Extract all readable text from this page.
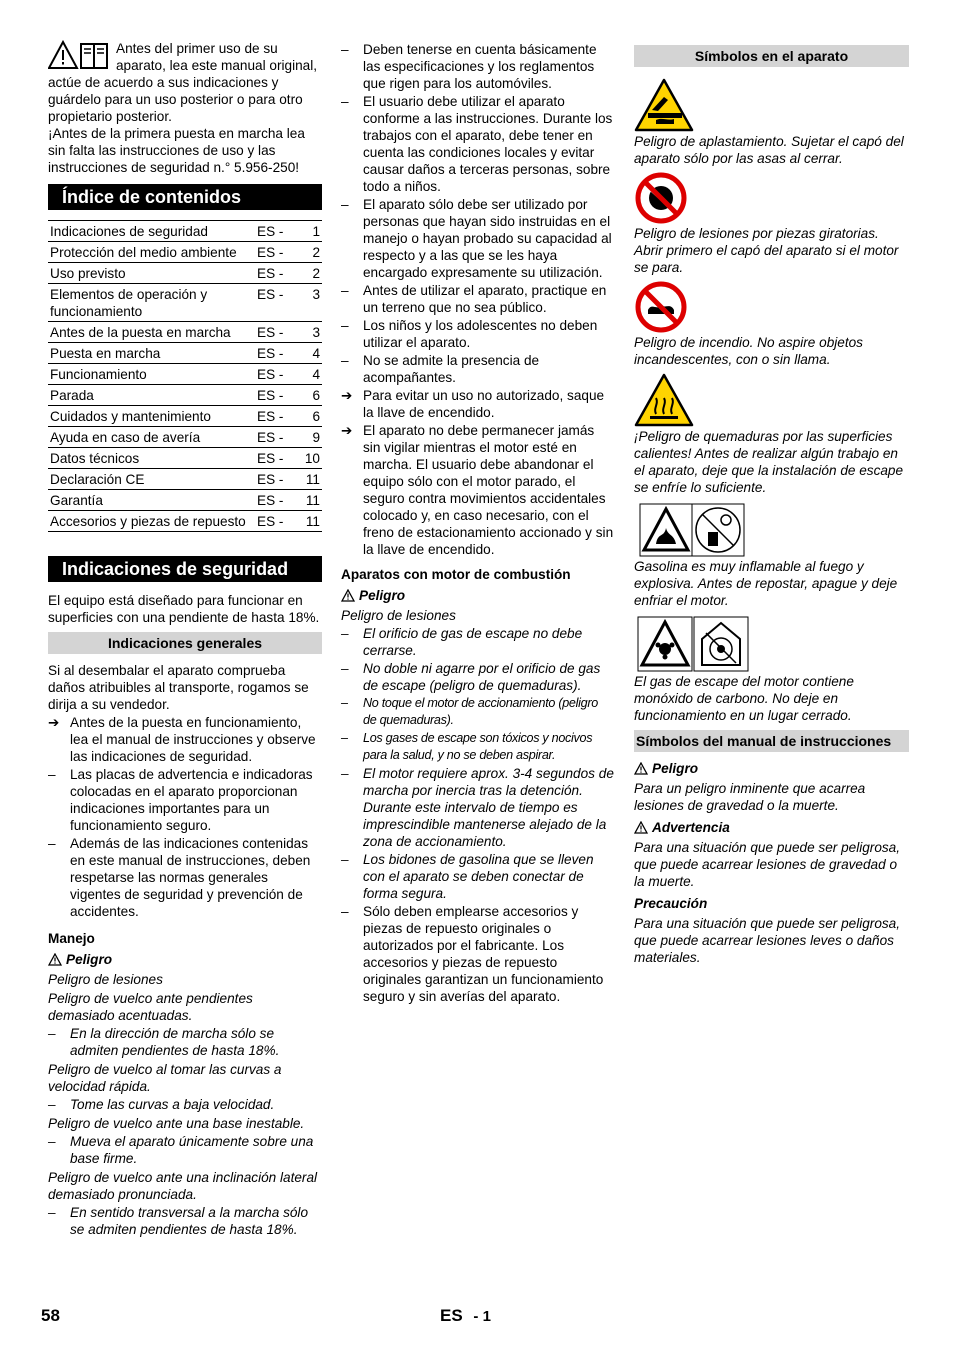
Antes del primer uso de su aparato, lea este manual original, actúe de acuerdo a sus indicaciones y guárdelo para un uso posterior o para otro propietario posterior.

¡Antes de la primera puesta en marcha lea sin falta las instrucciones de uso y las instrucciones de seguridad n.° 5.956-250!

Índice de contenidos
Indicaciones de seguridad	ES -	1
Protección del medio ambiente	ES -	2
Uso previsto	ES -	2
Elementos de operación y funcionamiento	ES -	3
Antes de la puesta en marcha	ES -	3
Puesta en marcha	ES -	4
Funcionamiento	ES -	4
Parada	ES -	6
Cuidados y mantenimiento	ES -	6
Ayuda en caso de avería	ES -	9
Datos técnicos	ES -	10
Declaración CE	ES -	11
Garantía	ES -	11
Accesorios y piezas de repuesto	ES -	11
Indicaciones de seguridad

El equipo está diseñado para funcionar en superficies con una pendiente de hasta 18%.

Indicaciones generales

Si al desembalar el aparato comprueba daños atribuibles al transporte, rogamos se dirija a su vendedor.

➔ Antes de la puesta en funcionamiento, lea el manual de instrucciones y observe las indicaciones de seguridad.
–	Las placas de advertencia e indicadoras colocadas en el aparato proporcionan indicaciones importantes para un funcionamiento seguro.
–	Además de las indicaciones contenidas en este manual de instrucciones, deben respetarse las normas generales vigentes de seguridad y prevención de accidentes.

Manejo

Peligro

Peligro de lesiones

Peligro de vuelco ante pendientes demasiado acentuadas.

–	En la dirección de marcha sólo se admiten pendientes de hasta 18%.

Peligro de vuelco al tomar las curvas a velocidad rápida.

–	Tome las curvas a baja velocidad.

Peligro de vuelco ante una base inestable.

–	Mueva el aparato únicamente sobre una base firme.

Peligro de vuelco ante una inclinación lateral demasiado pronunciada.

–	En sentido transversal a la marcha sólo se admiten pendientes de hasta 18%.
–	Deben tenerse en cuenta básicamente las especificaciones y los reglamentos que rigen para los automóviles.
–	El usuario debe utilizar el aparato conforme a las instrucciones. Durante los trabajos con el aparato, debe tener en cuenta las condiciones locales y evitar causar daños a terceras personas, sobre todo a niños.
–	El aparato sólo debe ser utilizado por personas que hayan sido instruidas en el manejo o hayan probado su capacidad al respecto y a las que se les haya encargado expresamente su utilización.
–	Antes de utilizar el aparato, practique en un terreno que no sea público.
–	Los niños y los adolescentes no deben utilizar el aparato.
–	No se admite la presencia de acompañantes.
➔ Para evitar un uso no autorizado, saque la llave de encendido.
➔ El aparato no debe permanecer jamás sin vigilar mientras el motor esté en marcha. El usuario debe abandonar el equipo sólo con el motor parado, el seguro contra movimientos accidentales colocado y, en caso necesario, con el freno de estacionamiento accionado y sin la llave de encendido.

Aparatos con motor de combustión

Peligro

Peligro de lesiones

–	El orificio de gas de escape no debe cerrarse.
–	No doble ni agarre por el orificio de gas de escape (peligro de quemaduras).
–	No toque el motor de accionamiento (peligro de quemaduras).
–	Los gases de escape son tóxicos y nocivos para la salud, y no se deben aspirar.
–	El motor requiere aprox. 3-4 segundos de marcha por inercia tras la detención. Durante este intervalo de tiempo es imprescindible mantenerse alejado de la zona de accionamiento.
–	Los bidones de gasolina que se lleven con el aparato se deben conectar de forma segura.
–	Sólo deben emplearse accesorios y piezas de repuesto originales o autorizados por el fabricante. Los accesorios y piezas de repuesto originales garantizan un funcionamiento seguro y sin averías del aparato.
Símbolos en el aparato

Peligro de aplastamiento. Sujetar el capó del aparato sólo por las asas al cerrar.

Peligro de lesiones por piezas giratorias. Abrir primero el capó del aparato si el motor se para.

Peligro de incendio. No aspire objetos incandescentes, con o sin llama.

¡Peligro de quemaduras por las superficies calientes! Antes de realizar algún trabajo en el aparato, deje que la instalación de escape se enfríe lo suficiente.

Gasolina es muy inflamable al fuego y explosiva. Antes de repostar, apague y deje enfriar el motor.

El gas de escape del motor contiene monóxido de carbono. No deje en funcionamiento en un lugar cerrado.

Símbolos del manual de instrucciones
Peligro

Para un peligro inminente que acarrea lesiones de gravedad o la muerte.

Advertencia

Para una situación que puede ser peligrosa, que puede acarrear lesiones de gravedad o la muerte.

Precaución

Para una situación que puede ser peligrosa, que puede acarrear lesiones leves o daños materiales.

58	ES - 1
